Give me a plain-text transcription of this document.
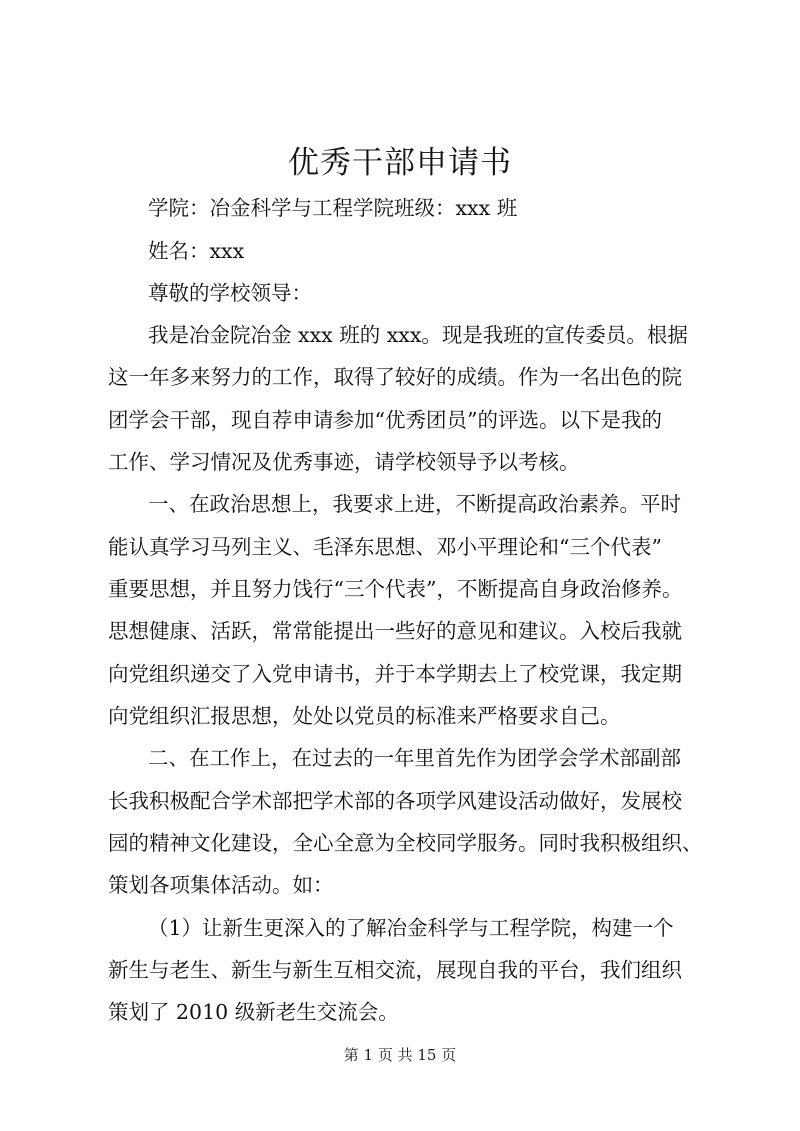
优秀干部申请书
学院：冶金科学与工程学院班级：xxx 班
姓名：xxx
尊敬的学校领导：
我是冶金院冶金 xxx 班的 xxx。现是我班的宣传委员。根据
这一年多来努力的工作，取得了较好的成绩。作为一名出色的院
团学会干部，现自荐申请参加“优秀团员”的评选。以下是我的
工作、学习情况及优秀事迹，请学校领导予以考核。
一、在政治思想上，我要求上进，不断提高政治素养。平时
能认真学习马列主义、毛泽东思想、邓小平理论和“三个代表”
重要思想，并且努力饯行“三个代表”，不断提高自身政治修养。
思想健康、活跃，常常能提出一些好的意见和建议。入校后我就
向党组织递交了入党申请书，并于本学期去上了校党课，我定期
向党组织汇报思想，处处以党员的标准来严格要求自己。
二、在工作上，在过去的一年里首先作为团学会学术部副部
长我积极配合学术部把学术部的各项学风建设活动做好，发展校
园的精神文化建设，全心全意为全校同学服务。同时我积极组织、
策划各项集体活动。如：
（1）让新生更深入的了解冶金科学与工程学院，构建一个
新生与老生、新生与新生互相交流，展现自我的平台，我们组织
策划了 2010 级新老生交流会。
第 1 页 共 15 页
